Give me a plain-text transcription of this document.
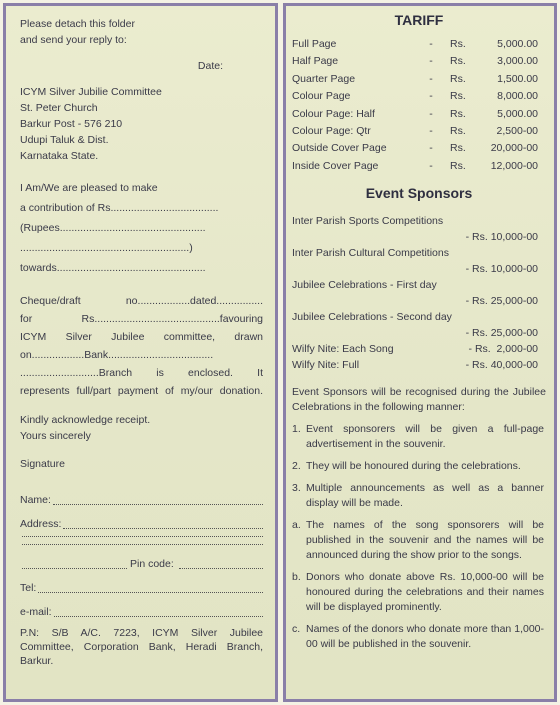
Please detach this folder
and send your reply to:
Date:
ICYM Silver Jubilie Committee
St. Peter Church
Barkur Post - 576 210
Udupi Taluk & Dist.
Karnataka State.
I Am/We are pleased to make
a contribution of Rs.....................................
(Rupees..................................................
..........................................................)
towards...................................................
Cheque/draft no..................dated................
for Rs...........................................favouring
ICYM Silver Jubilee committee, drawn
on..................Bank....................................
...........................Branch is enclosed. It
represents full/part payment of my/our donation.
Kindly acknowledge receipt.
Yours sincerely
Signature
Name:
Address:
Pin code:
Tel:
e-mail:
P.N: S/B A/C. 7223, ICYM Silver Jubilee
Committee, Corporation Bank, Heradi Branch,
Barkur.
TARIFF
Full Page	-	Rs.	5,000.00
Half Page	-	Rs.	3,000.00
Quarter Page	-	Rs.	1,500.00
Colour Page	-	Rs.	8,000.00
Colour Page: Half	-	Rs.	5,000.00
Colour Page: Qtr	-	Rs.	2,500-00
Outside Cover Page	-	Rs.	20,000-00
Inside Cover Page	-	Rs.	12,000-00
Event Sponsors
Inter Parish Sports Competitions
- Rs. 10,000-00
Inter Parish Cultural Competitions
- Rs. 10,000-00
Jubilee Celebrations - First day
- Rs. 25,000-00
Jubilee Celebrations - Second day
- Rs. 25,000-00
Wilfy Nite: Each Song	- Rs.  2,000-00
Wilfy Nite: Full	- Rs. 40,000-00
Event Sponsors will be recognised during the Jubilee Celebrations in the following manner:
1. Event sponsorers will be given a full-page advertisement in the souvenir.
2. They will be honoured during the celebrations.
3. Multiple announcements as well as a banner display will be made.
a. The names of the song sponsorers will be published in the souvenir and the names will be announced during the show prior to the songs.
b. Donors who donate above Rs. 10,000-00 will be honoured during the celebrations and their names will be displayed prominently.
c. Names of the donors who donate more than 1,000-00 will be published in the souvenir.
